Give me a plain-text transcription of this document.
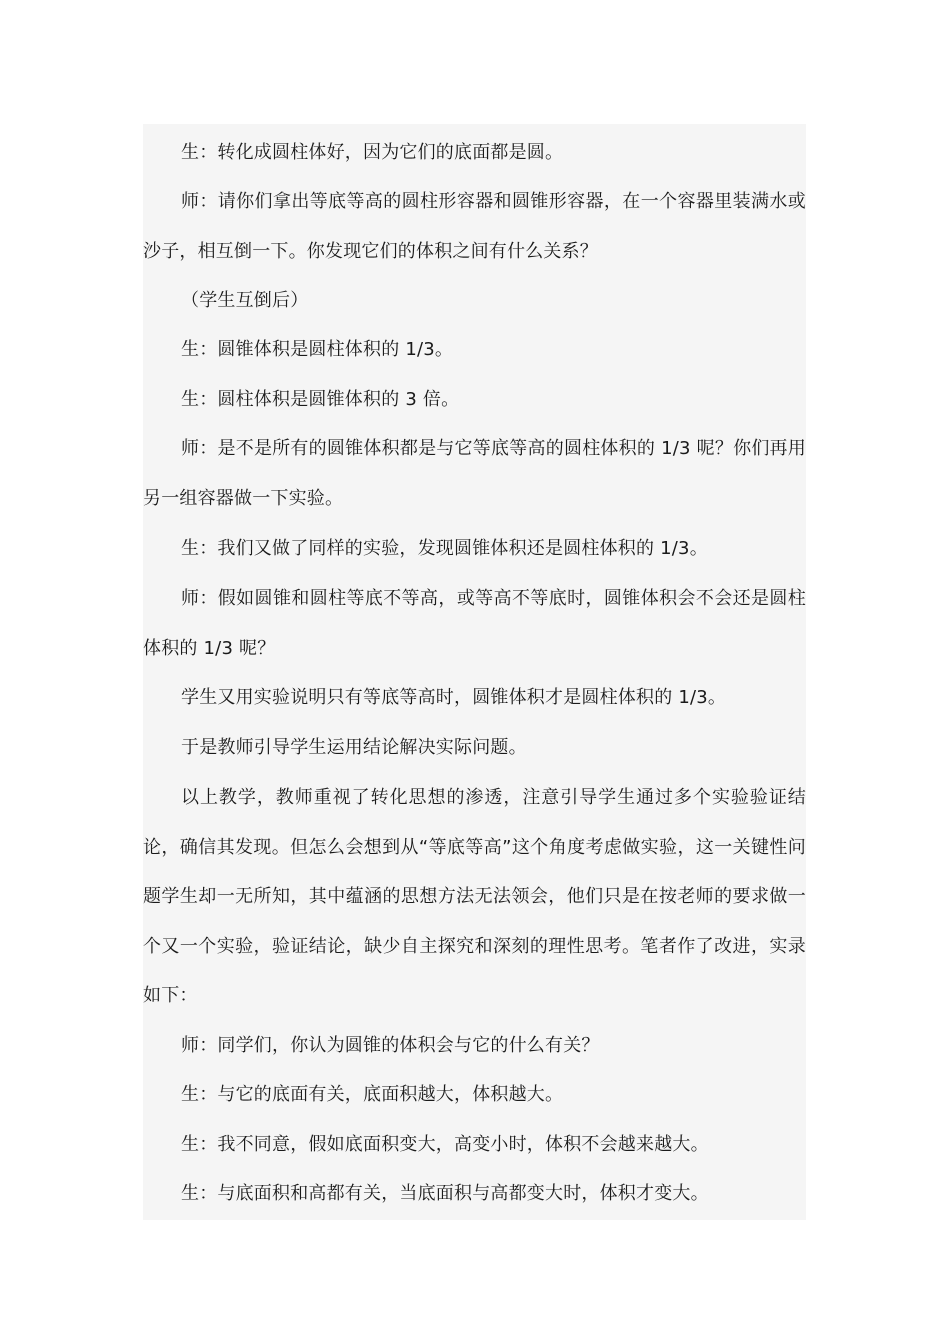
生：转化成圆柱体好，因为它们的底面都是圆。

师：请你们拿出等底等高的圆柱形容器和圆锥形容器，在一个容器里装满水或沙子，相互倒一下。你发现它们的体积之间有什么关系？

（学生互倒后）

生：圆锥体积是圆柱体积的 1/3。

生：圆柱体积是圆锥体积的 3 倍。

师：是不是所有的圆锥体积都是与它等底等高的圆柱体积的 1/3 呢？你们再用另一组容器做一下实验。

生：我们又做了同样的实验，发现圆锥体积还是圆柱体积的 1/3。

师：假如圆锥和圆柱等底不等高，或等高不等底时，圆锥体积会不会还是圆柱体积的 1/3 呢？

学生又用实验说明只有等底等高时，圆锥体积才是圆柱体积的 1/3。

于是教师引导学生运用结论解决实际问题。

以上教学，教师重视了转化思想的渗透，注意引导学生通过多个实验验证结论，确信其发现。但怎么会想到从“等底等高”这个角度考虑做实验，这一关键性问题学生却一无所知，其中蕴涵的思想方法无法领会，他们只是在按老师的要求做一个又一个实验，验证结论，缺少自主探究和深刻的理性思考。笔者作了改进，实录如下：

师：同学们，你认为圆锥的体积会与它的什么有关？

生：与它的底面有关，底面积越大，体积越大。

生：我不同意，假如底面积变大，高变小时，体积不会越来越大。

生：与底面积和高都有关，当底面积与高都变大时，体积才变大。
